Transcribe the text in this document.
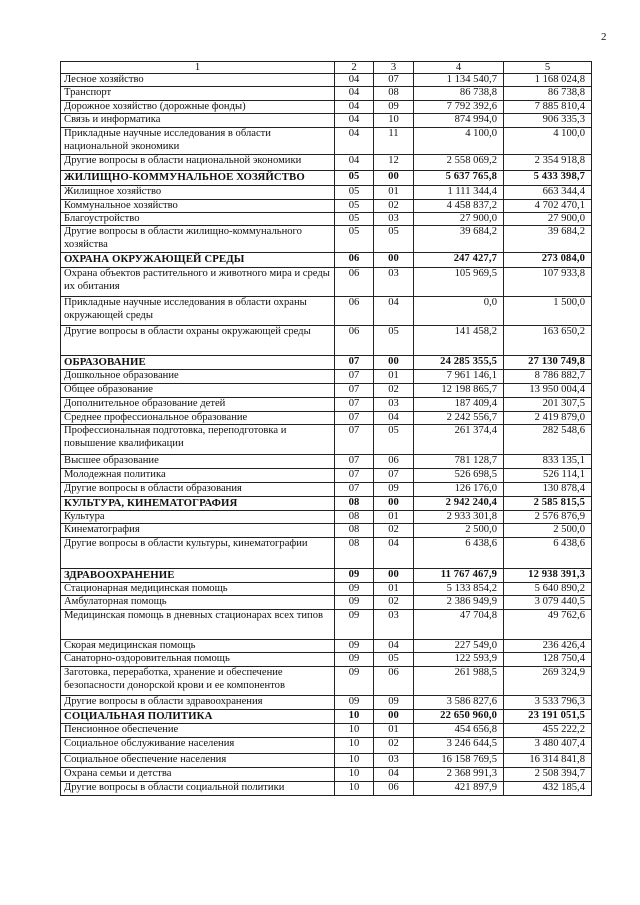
2
1	2	3	4	5
Лесное хозяйство	04	07	1 134 540,7	1 168 024,8
Транспорт	04	08	86 738,8	86 738,8
Дорожное хозяйство (дорожные фонды)	04	09	7 792 392,6	7 885 810,4
Связь и информатика	04	10	874 994,0	906 335,3
Прикладные научные исследования в области национальной экономики	04	11	4 100,0	4 100,0
Другие вопросы в области национальной экономики	04	12	2 558 069,2	2 354 918,8
ЖИЛИЩНО-КОММУНАЛЬНОЕ ХОЗЯЙСТВО	05	00	5 637 765,8	5 433 398,7
Жилищное хозяйство	05	01	1 111 344,4	663 344,4
Коммунальное хозяйство	05	02	4 458 837,2	4 702 470,1
Благоустройство	05	03	27 900,0	27 900,0
Другие вопросы в области жилищно-коммунального хозяйства	05	05	39 684,2	39 684,2
ОХРАНА ОКРУЖАЮЩЕЙ СРЕДЫ	06	00	247 427,7	273 084,0
Охрана объектов растительного и животного мира и среды их обитания	06	03	105 969,5	107 933,8
Прикладные научные исследования в области охраны окружающей среды	06	04	0,0	1 500,0
Другие вопросы в области охраны окружающей среды	06	05	141 458,2	163 650,2
ОБРАЗОВАНИЕ	07	00	24 285 355,5	27 130 749,8
Дошкольное образование	07	01	7 961 146,1	8 786 882,7
Общее образование	07	02	12 198 865,7	13 950 004,4
Дополнительное образование детей	07	03	187 409,4	201 307,5
Среднее профессиональное образование	07	04	2 242 556,7	2 419 879,0
Профессиональная подготовка, переподготовка и повышение квалификации	07	05	261 374,4	282 548,6
Высшее образование	07	06	781 128,7	833 135,1
Молодежная политика	07	07	526 698,5	526 114,1
Другие вопросы в области образования	07	09	126 176,0	130 878,4
КУЛЬТУРА, КИНЕМАТОГРАФИЯ	08	00	2 942 240,4	2 585 815,5
Культура	08	01	2 933 301,8	2 576 876,9
Кинематография	08	02	2 500,0	2 500,0
Другие вопросы в области культуры, кинематографии	08	04	6 438,6	6 438,6
ЗДРАВООХРАНЕНИЕ	09	00	11 767 467,9	12 938 391,3
Стационарная медицинская помощь	09	01	5 133 854,2	5 640 890,2
Амбулаторная помощь	09	02	2 386 949,9	3 079 440,5
Медицинская помощь в дневных стационарах всех типов	09	03	47 704,8	49 762,6
Скорая медицинская помощь	09	04	227 549,0	236 426,4
Санаторно-оздоровительная помощь	09	05	122 593,9	128 750,4
Заготовка, переработка, хранение и обеспечение безопасности донорской крови и ее компонентов	09	06	261 988,5	269 324,9
Другие вопросы в области здравоохранения	09	09	3 586 827,6	3 533 796,3
СОЦИАЛЬНАЯ ПОЛИТИКА	10	00	22 650 960,0	23 191 051,5
Пенсионное обеспечение	10	01	454 656,8	455 222,2
Социальное обслуживание населения	10	02	3 246 644,5	3 480 407,4
Социальное обеспечение населения	10	03	16 158 769,5	16 314 841,8
Охрана семьи и детства	10	04	2 368 991,3	2 508 394,7
Другие вопросы в области социальной политики	10	06	421 897,9	432 185,4
